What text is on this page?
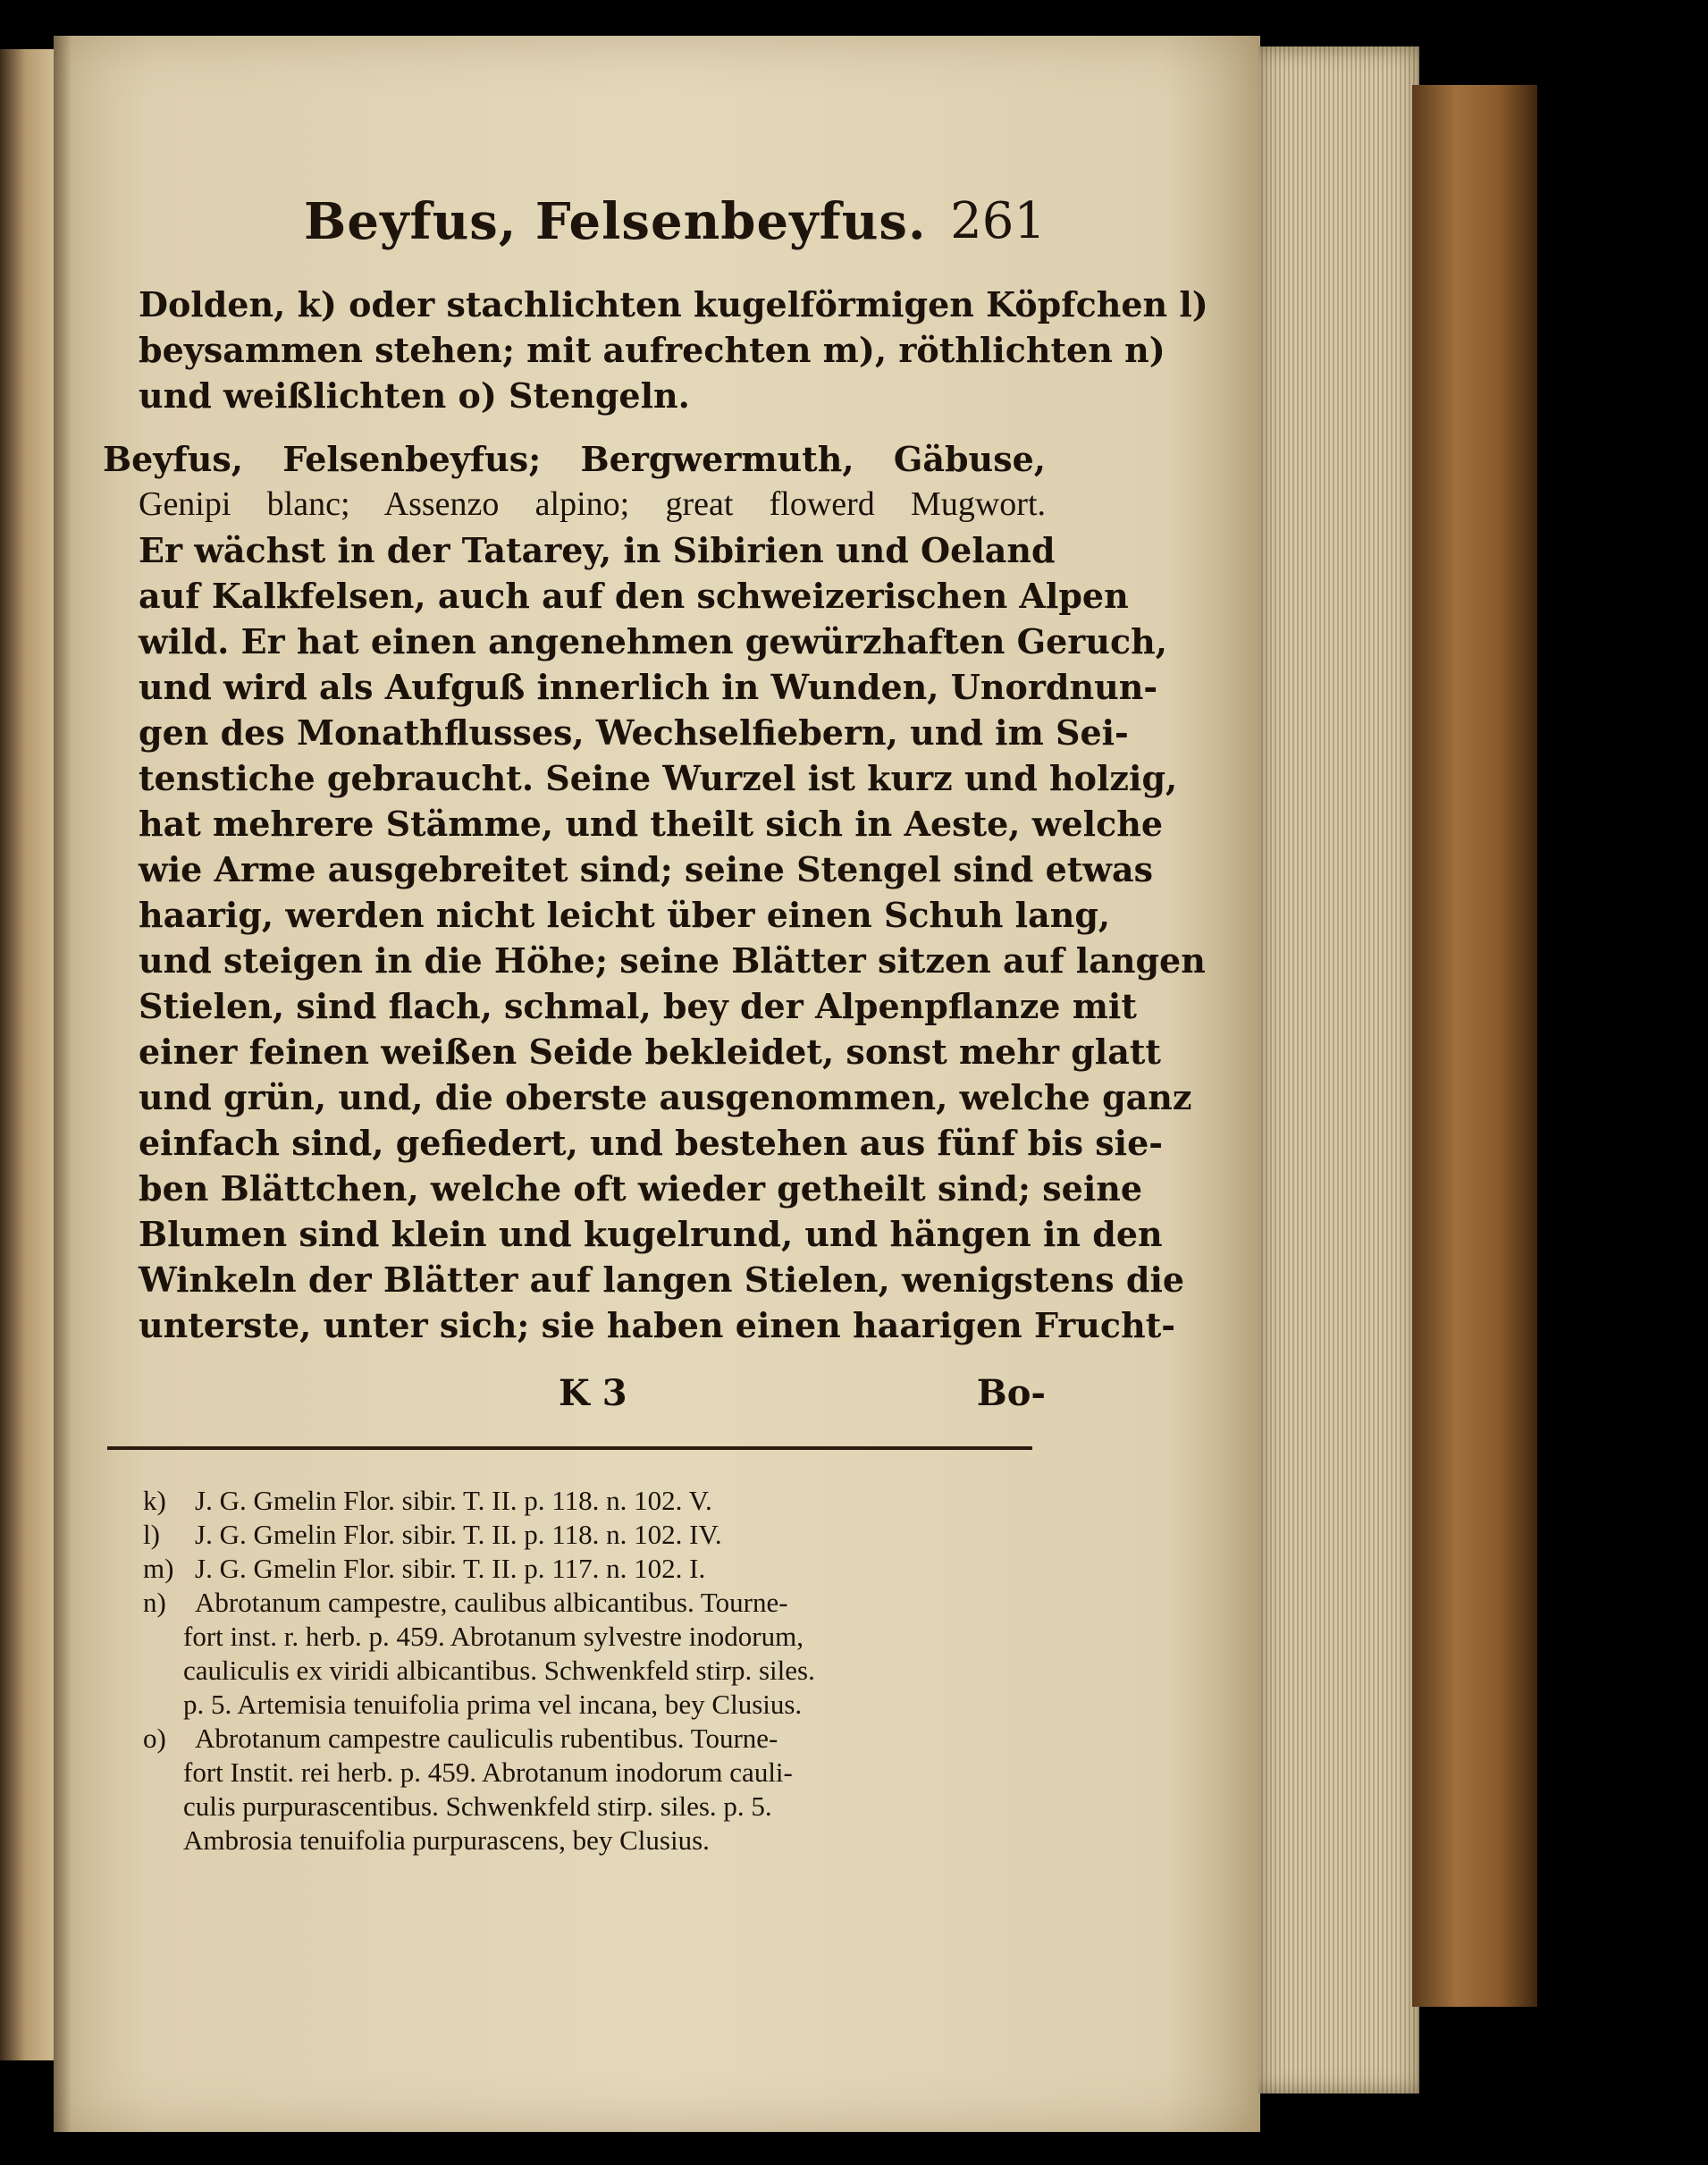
Beyfus, Felsenbeyfus. 261
Dolden, k) oder stachlichten kugelförmigen Köpfchen l)
beysammen stehen; mit aufrechten m), röthlichten n)
und weißlichten o) Stengeln.
Beyfus, Felsenbeyfus; Bergwermuth, Gäbuse,
Genipi blanc; Assenzo alpino; great flowerd Mugwort.
Er wächst in der Tatarey, in Sibirien und Oeland
auf Kalkfelsen, auch auf den schweizerischen Alpen
wild. Er hat einen angenehmen gewürzhaften Geruch,
und wird als Aufguß innerlich in Wunden, Unordnun-
gen des Monathflusses, Wechselfiebern, und im Sei-
tenstiche gebraucht. Seine Wurzel ist kurz und holzig,
hat mehrere Stämme, und theilt sich in Aeste, welche
wie Arme ausgebreitet sind; seine Stengel sind etwas
haarig, werden nicht leicht über einen Schuh lang,
und steigen in die Höhe; seine Blätter sitzen auf langen
Stielen, sind flach, schmal, bey der Alpenpflanze mit
einer feinen weißen Seide bekleidet, sonst mehr glatt
und grün, und, die oberste ausgenommen, welche ganz
einfach sind, gefiedert, und bestehen aus fünf bis sie-
ben Blättchen, welche oft wieder getheilt sind; seine
Blumen sind klein und kugelrund, und hängen in den
Winkeln der Blätter auf langen Stielen, wenigstens die
unterste, unter sich; sie haben einen haarigen Frucht-
K 3	Bo-
k) J. G. Gmelin Flor. sibir. T. II. p. 118. n. 102. V.
l) J. G. Gmelin Flor. sibir. T. II. p. 118. n. 102. IV.
m) J. G. Gmelin Flor. sibir. T. II. p. 117. n. 102. I.
n) Abrotanum campestre, caulibus albicantibus. Tourne-
fort inst. r. herb. p. 459. Abrotanum sylvestre inodorum,
cauliculis ex viridi albicantibus. Schwenkfeld stirp. siles.
p. 5. Artemisia tenuifolia prima vel incana, bey Clusius.
o) Abrotanum campestre cauliculis rubentibus. Tourne-
fort Instit. rei herb. p. 459. Abrotanum inodorum cauli-
culis purpurascentibus. Schwenkfeld stirp. siles. p. 5.
Ambrosia tenuifolia purpurascens, bey Clusius.
